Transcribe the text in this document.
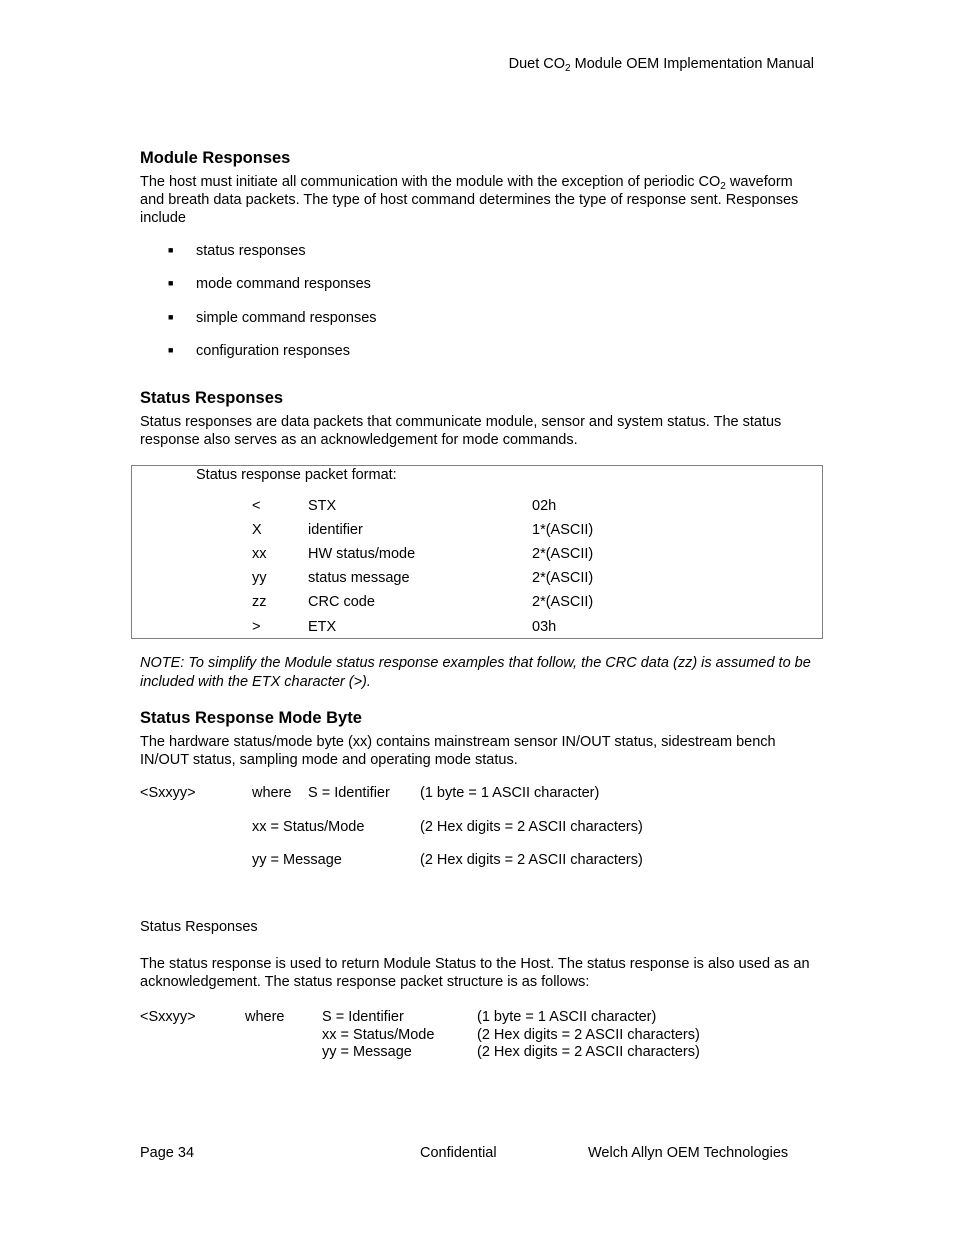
Duet $CO_2$ Module OEM Implementation Manual
Module Responses
The host must initiate all communication with the module with the exception of periodic $CO_2$ waveform and breath data packets. The type of host command determines the type of response sent. Responses include
■ status responses
■ mode command responses
■ simple command responses
■ configuration responses
Status Responses
Status responses are data packets that communicate module, sensor and system status. The status response also serves as an acknowledgement for mode commands.
Status response packet format:
<	STX	02h
X	identifier	1*(ASCII)
xx	HW status/mode	2*(ASCII)
yy	status message	2*(ASCII)
zz	CRC code	2*(ASCII)
>	ETX	03h
NOTE: To simplify the Module status response examples that follow, the CRC data (zz) is assumed to be included with the ETX character (>).
Status Response Mode Byte
The hardware status/mode byte (xx) contains mainstream sensor IN/OUT status, sidestream bench IN/OUT status, sampling mode and operating mode status.
<Sxxyy>	where S = Identifier (1 byte = 1 ASCII character)
xx = Status/Mode	(2 Hex digits = 2 ASCII characters)
yy = Message	(2 Hex digits = 2 ASCII characters)
Status Responses
The status response is used to return Module Status to the Host. The status response is also used as an acknowledgement. The status response packet structure is as follows:
<Sxxyy>	where	S = Identifier	(1 byte = 1 ASCII character)
xx = Status/Mode	(2 Hex digits = 2 ASCII characters)
yy = Message	(2 Hex digits = 2 ASCII characters)
Page 34	Confidential	Welch Allyn OEM Technologies
